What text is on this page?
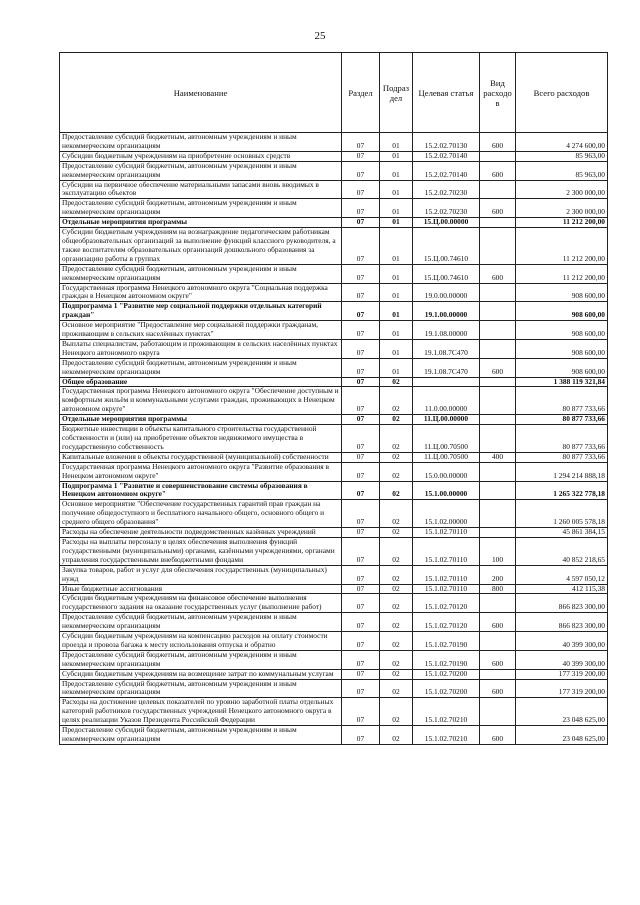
25
Наименование	Раздел	Подраз дел	Целевая статья	Вид расходо в	Всего расходов
Предоставление субсидий бюджетным, автономным учреждениям и иным некоммерческим организациям	07	01	15.2.02.70130	600	4 274 600,00
Субсидии бюджетным учреждениям на приобретение основных средств	07	01	15.2.02.70140		85 963,00
Предоставление субсидий бюджетным, автономным учреждениям и иным некоммерческим организациям	07	01	15.2.02.70140	600	85 963,00
Субсидии на первичное обеспечение материальными запасами вновь вводимых в эксплуатацию объектов	07	01	15.2.02.70230		2 300 000,00
Предоставление субсидий бюджетным, автономным учреждениям и иным некоммерческим организациям	07	01	15.2.02.70230	600	2 300 000,00
Отдельные мероприятия программы	07	01	15.Ц.00.00000		11 212 200,00
Субсидии бюджетным учреждениям на вознаграждение педагогическим работникам общеобразовательных организаций за выполнение функций классного руководителя, а также воспитателям образовательных организаций дошкольного образования за организацию работы в группах	07	01	15.Ц.00.74610		11 212 200,00
Предоставление субсидий бюджетным, автономным учреждениям и иным некоммерческим организациям	07	01	15.Ц.00.74610	600	11 212 200,00
Государственная программа Ненецкого автономного округа "Социальная поддержка граждан в Ненецком автономном округе"	07	01	19.0.00.00000		908 600,00
Подпрограмма 1 "Развитие мер социальной поддержки отдельных категорий граждан"	07	01	19.1.00.00000		908 600,00
Основное мероприятие "Предоставление мер социальной поддержки гражданам, проживающим в сельских населённых пунктах"	07	01	19.1.08.00000		908 600,00
Выплаты специалистам, работающим и проживающим в сельских населённых пунктах Ненецкого автономного округа	07	01	19.1.08.7C470		908 600,00
Предоставление субсидий бюджетным, автономным учреждениям и иным некоммерческим организациям	07	01	19.1.08.7C470	600	908 600,00
Общее образование	07	02			1 388 119 321,84
Государственная программа Ненецкого автономного округа "Обеспечение доступным и комфортным жильём и коммунальными услугами граждан, проживающих в Ненецком автономном округе"	07	02	11.0.00.00000		80 877 733,66
Отдельные мероприятия программы	07	02	11.Ц.00.00000		80 877 733,66
Бюджетные инвестиции в объекты капитального строительства государственной собственности и (или) на приобретение объектов недвижимого имущества в государственную собственность	07	02	11.Ц.00.70500		80 877 733,66
Капитальные вложения в объекты государственной (муниципальной) собственности	07	02	11.Ц.00.70500	400	80 877 733,66
Государственная программа Ненецкого автономного округа "Развитие образования в Ненецком автономном округе"	07	02	15.0.00.00000		1 294 214 888,18
Подпрограмма 1 "Развитие и совершенствование системы образования в Ненецком автономном округе"	07	02	15.1.00.00000		1 265 322 778,18
Основное мероприятие "Обеспечение государственных гарантий прав граждан на получение общедоступного и бесплатного начального общего, основного общего и среднего общего образования"	07	02	15.1.02.00000		1 260 005 578,18
Расходы на обеспечение деятельности подведомственных казённых учреждений	07	02	15.1.02.70110		45 861 384,15
Расходы на выплаты персоналу в целях обеспечения выполнения функций государственными (муниципальными) органами, казёнными учреждениями, органами управления государственными внебюджетными фондами	07	02	15.1.02.70110	100	40 852 218,65
Закупка товаров, работ и услуг для обеспечения государственных (муниципальных) нужд	07	02	15.1.02.70110	200	4 597 050,12
Иные бюджетные ассигнования	07	02	15.1.02.70110	800	412 115,38
Субсидии бюджетным учреждениям на финансовое обеспечение выполнения государственного задания на оказание государственных услуг (выполнение работ)	07	02	15.1.02.70120		866 823 300,00
Предоставление субсидий бюджетным, автономным учреждениям и иным некоммерческим организациям	07	02	15.1.02.70120	600	866 823 300,00
Субсидии бюджетным учреждениям на компенсацию расходов на оплату стоимости проезда и провоза багажа к месту использования отпуска и обратно	07	02	15.1.02.70190		40 399 300,00
Предоставление субсидий бюджетным, автономным учреждениям и иным некоммерческим организациям	07	02	15.1.02.70190	600	40 399 300,00
Субсидии бюджетным учреждениям на возмещение затрат по коммунальным услугам	07	02	15.1.02.70200		177 319 200,00
Предоставление субсидий бюджетным, автономным учреждениям и иным некоммерческим организациям	07	02	15.1.02.70200	600	177 319 200,00
Расходы на достижение целевых показателей по уровню заработной платы отдельных категорий работников государственных учреждений Ненецкого автономного округа в целях реализации Указов Президента Российской Федерации	07	02	15.1.02.70210		23 048 625,00
Предоставление субсидий бюджетным, автономным учреждениям и иным некоммерческим организациям	07	02	15.1.02.70210	600	23 048 625,00
